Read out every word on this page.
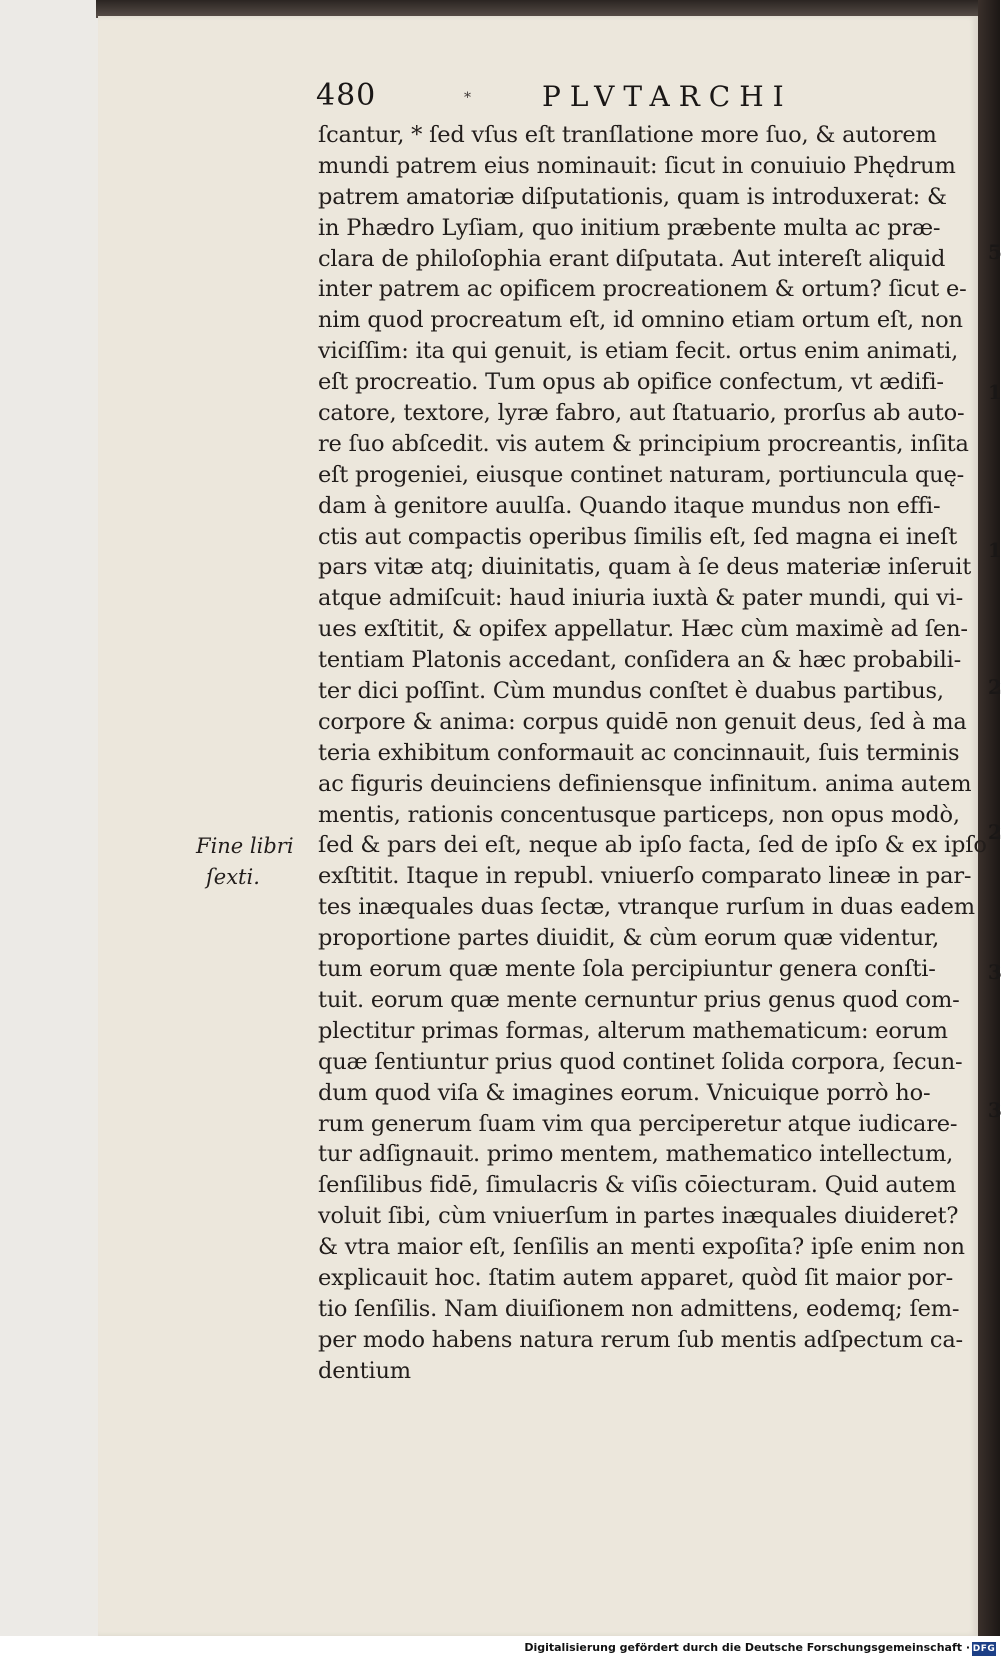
480	*	PLVTARCHI
ſcantur, * ſed vſus eſt tranſlatione more ſuo, & autorem
mundi patrem eius nominauit: ſicut in conuiuio Phędrum
patrem amatoriæ diſputationis, quam is introduxerat: &
in Phædro Lyſiam, quo initium præbente multa ac præ-
clara de philoſophia erant diſputata. Aut intereſt aliquid
inter patrem ac opificem procreationem & ortum? ſicut e-
nim quod procreatum eſt, id omnino etiam ortum eſt, non
viciſſim: ita qui genuit, is etiam fecit. ortus enim animati,
eſt procreatio. Tum opus ab opifice confectum, vt ædifi-
catore, textore, lyræ fabro, aut ſtatuario, prorſus ab auto-
re ſuo abſcedit. vis autem & principium procreantis, inſita
eſt progeniei, eiusque continet naturam, portiuncula quę-
dam à genitore auulſa. Quando itaque mundus non effi-
ctis aut compactis operibus ſimilis eſt, ſed magna ei ineſt
pars vitæ atq; diuinitatis, quam à ſe deus materiæ inſeruit
atque admiſcuit: haud iniuria iuxtà & pater mundi, qui vi-
ues exſtitit, & opifex appellatur. Hæc cùm maximè ad ſen-
tentiam Platonis accedant, conſidera an & hæc probabili-
ter dici poſſint. Cùm mundus conſtet è duabus partibus,
corpore & anima: corpus quidē non genuit deus, ſed à ma
teria exhibitum conformauit ac concinnauit, ſuis terminis
ac figuris deuinciens definiensque infinitum. anima autem
mentis, rationis concentusque particeps, non opus modò,
ſed & pars dei eſt, neque ab ipſo facta, ſed de ipſo & ex ipſo
exſtitit. Itaque in republ. vniuerſo comparato lineæ in par-
tes inæquales duas ſectæ, vtranque rurſum in duas eadem
proportione partes diuidit, & cùm eorum quæ videntur,
tum eorum quæ mente ſola percipiuntur genera conſti-
tuit. eorum quæ mente cernuntur prius genus quod com-
plectitur primas formas, alterum mathematicum: eorum
quæ ſentiuntur prius quod continet ſolida corpora, ſecun-
dum quod viſa & imagines eorum. Vnicuique porrò ho-
rum generum ſuam vim qua perciperetur atque iudicare-
tur adſignauit. primo mentem, mathematico intellectum,
ſenſilibus fidē, ſimulacris & viſis cōiecturam. Quid autem
voluit ſibi, cùm vniuerſum in partes inæquales diuideret?
& vtra maior eſt, ſenſilis an menti expoſita? ipſe enim non
explicauit hoc. ſtatim autem apparet, quòd ſit maior por-
tio ſenſilis. Nam diuiſionem non admittens, eodemq; ſem-
per modo habens natura rerum ſub mentis adſpectum ca-
dentium
Fine libri
ſexti.
5
1
1
2
2
3
3
Digitalisierung gefördert durch die Deutsche Forschungsgemeinschaft · DFG
